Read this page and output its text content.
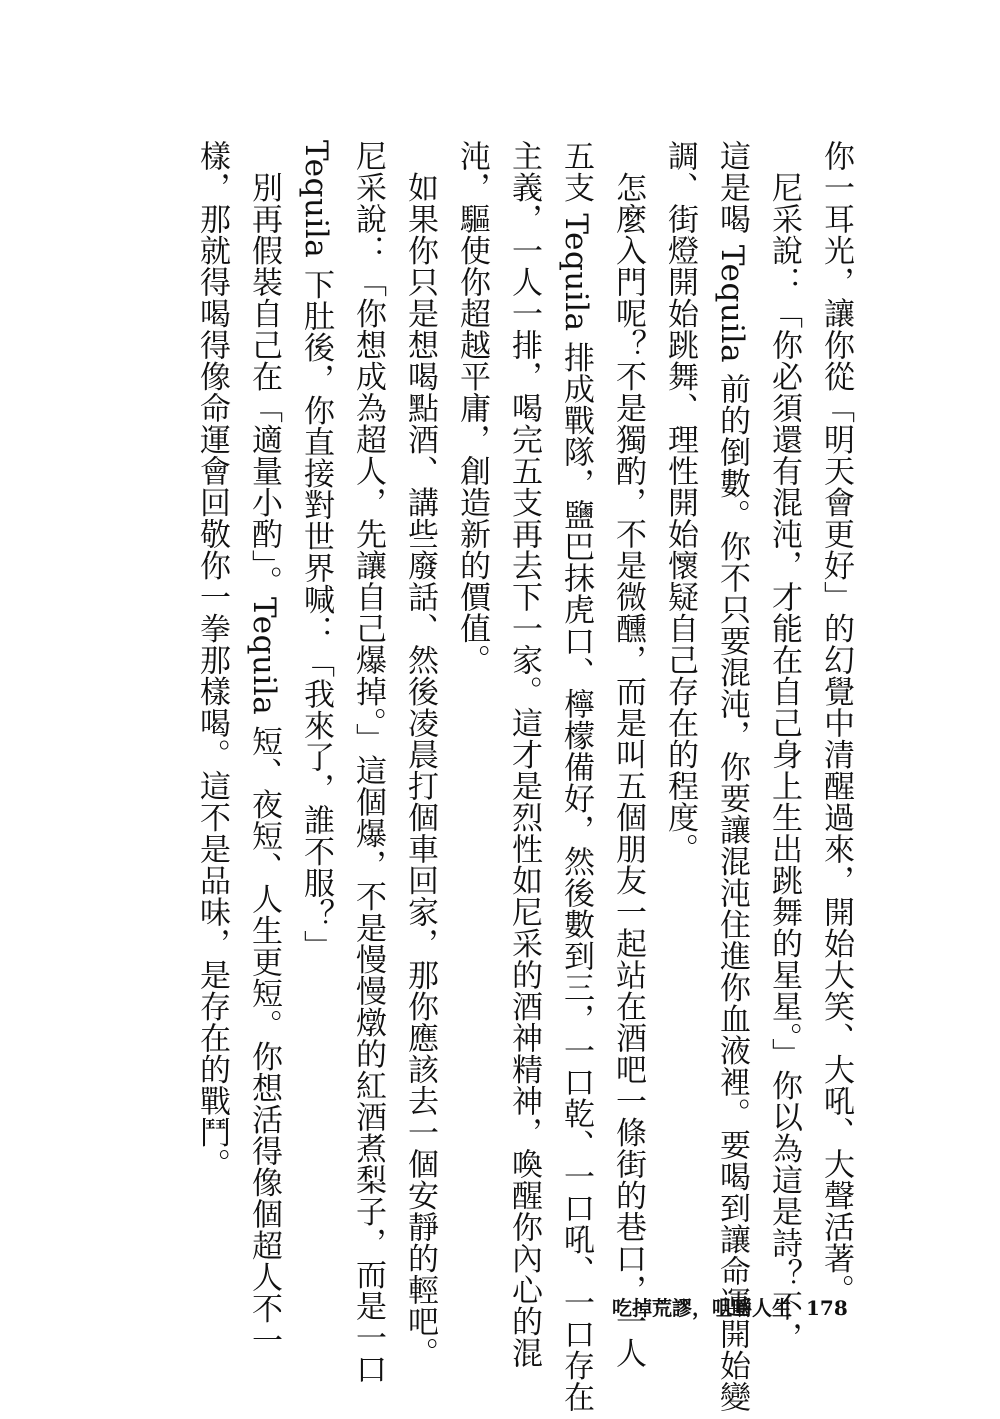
你一耳光，讓你從「明天會更好」的幻覺中清醒過來，開始大笑、大吼、大聲活著。
　尼采說：「你必須還有混沌，才能在自己身上生出跳舞的星星。」你以為這是詩？不，
這是喝 Tequila 前的倒數。你不只要混沌，你要讓混沌住進你血液裡。要喝到讓命運開始變
調、街燈開始跳舞、理性開始懷疑自己存在的程度。
　怎麼入門呢？不是獨酌，不是微醺，而是叫五個朋友一起站在酒吧一條街的巷口，一人
五支 Tequila 排成戰隊，鹽巴抹虎口、檸檬備好，然後數到三，一口乾、一口吼、一口存在
主義，一人一排，喝完五支再去下一家。這才是烈性如尼采的酒神精神，喚醒你內心的混
沌，驅使你超越平庸，創造新的價值。
　如果你只是想喝點酒、講些廢話、然後凌晨打個車回家，那你應該去一個安靜的輕吧。
尼采說：「你想成為超人，先讓自己爆掉。」這個爆，不是慢慢燉的紅酒煮梨子，而是一口
Tequila 下肚後，你直接對世界喊：「我來了，誰不服？」
　別再假裝自己在「適量小酌」。Tequila 短、夜短、人生更短。你想活得像個超人不一
樣，那就得喝得像命運會回敬你一拳那樣喝。這不是品味，是存在的戰鬥。
吃掉荒謬，咀嚼人生 178
